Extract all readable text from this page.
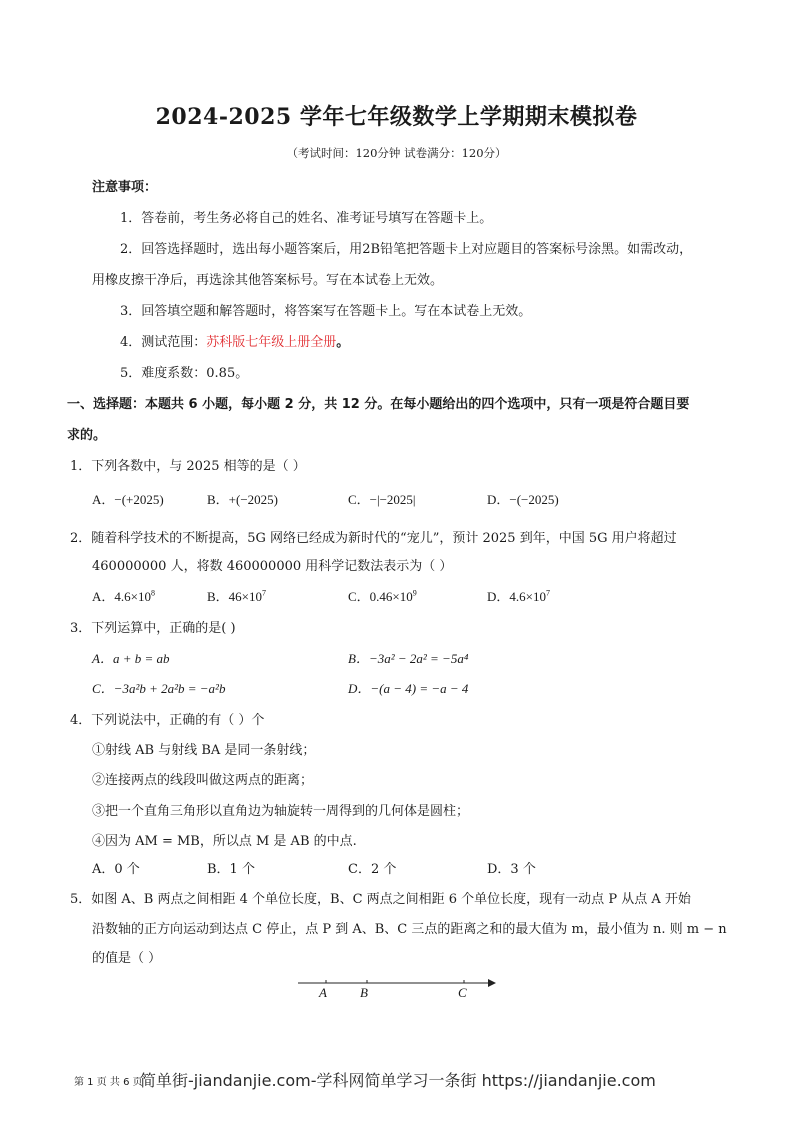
2024-2025 学年七年级数学上学期期末模拟卷
（考试时间：120分钟 试卷满分：120分）
注意事项：
1．答卷前，考生务必将自己的姓名、准考证号填写在答题卡上。
2．回答选择题时，选出每小题答案后，用2B铅笔把答题卡上对应题目的答案标号涂黑。如需改动，
用橡皮擦干净后，再选涂其他答案标号。写在本试卷上无效。
3．回答填空题和解答题时，将答案写在答题卡上。写在本试卷上无效。
4．测试范围：苏科版七年级上册全册。
5．难度系数：0.85。
一、选择题：本题共 6 小题，每小题 2 分，共 12 分。在每小题给出的四个选项中，只有一项是符合题目要
求的。
1．下列各数中，与 2025 相等的是（ ）
A．−(+2025)	B．+(−2025)	C．−|−2025|	D．−(−2025)
2．随着科学技术的不断提高，5G 网络已经成为新时代的“宠儿”，预计 2025 到年，中国 5G 用户将超过
460000000 人，将数 460000000 用科学记数法表示为（ ）
A．$4.6\times 10^8$	B．$46\times 10^7$	C．$0.46\times 10^9$	D．$4.6\times 10^7$
3．下列运算中，正确的是( )
A．a + b = ab	B．−3a² − 2a² = −5a⁴
C．−3a²b + 2a²b = −a²b	D．−(a − 4) = −a − 4
4．下列说法中，正确的有（ ）个
①射线 AB 与射线 BA 是同一条射线；
②连接两点的线段叫做这两点的距离；
③把一个直角三角形以直角边为轴旋转一周得到的几何体是圆柱；
④因为 AM = MB，所以点 M 是 AB 的中点.
A．0 个	B．1 个	C．2 个	D．3 个
5．如图 A、B 两点之间相距 4 个单位长度，B、C 两点之间相距 6 个单位长度，现有一动点 P 从点 A 开始
沿数轴的正方向运动到达点 C 停止，点 P 到 A、B、C 三点的距离之和的最大值为 m，最小值为 n. 则 m − n
的值是（ ）
A	B	C
第 1 页 共 6 页
简单街-jiandanjie.com-学科网简单学习一条街 https://jiandanjie.com
